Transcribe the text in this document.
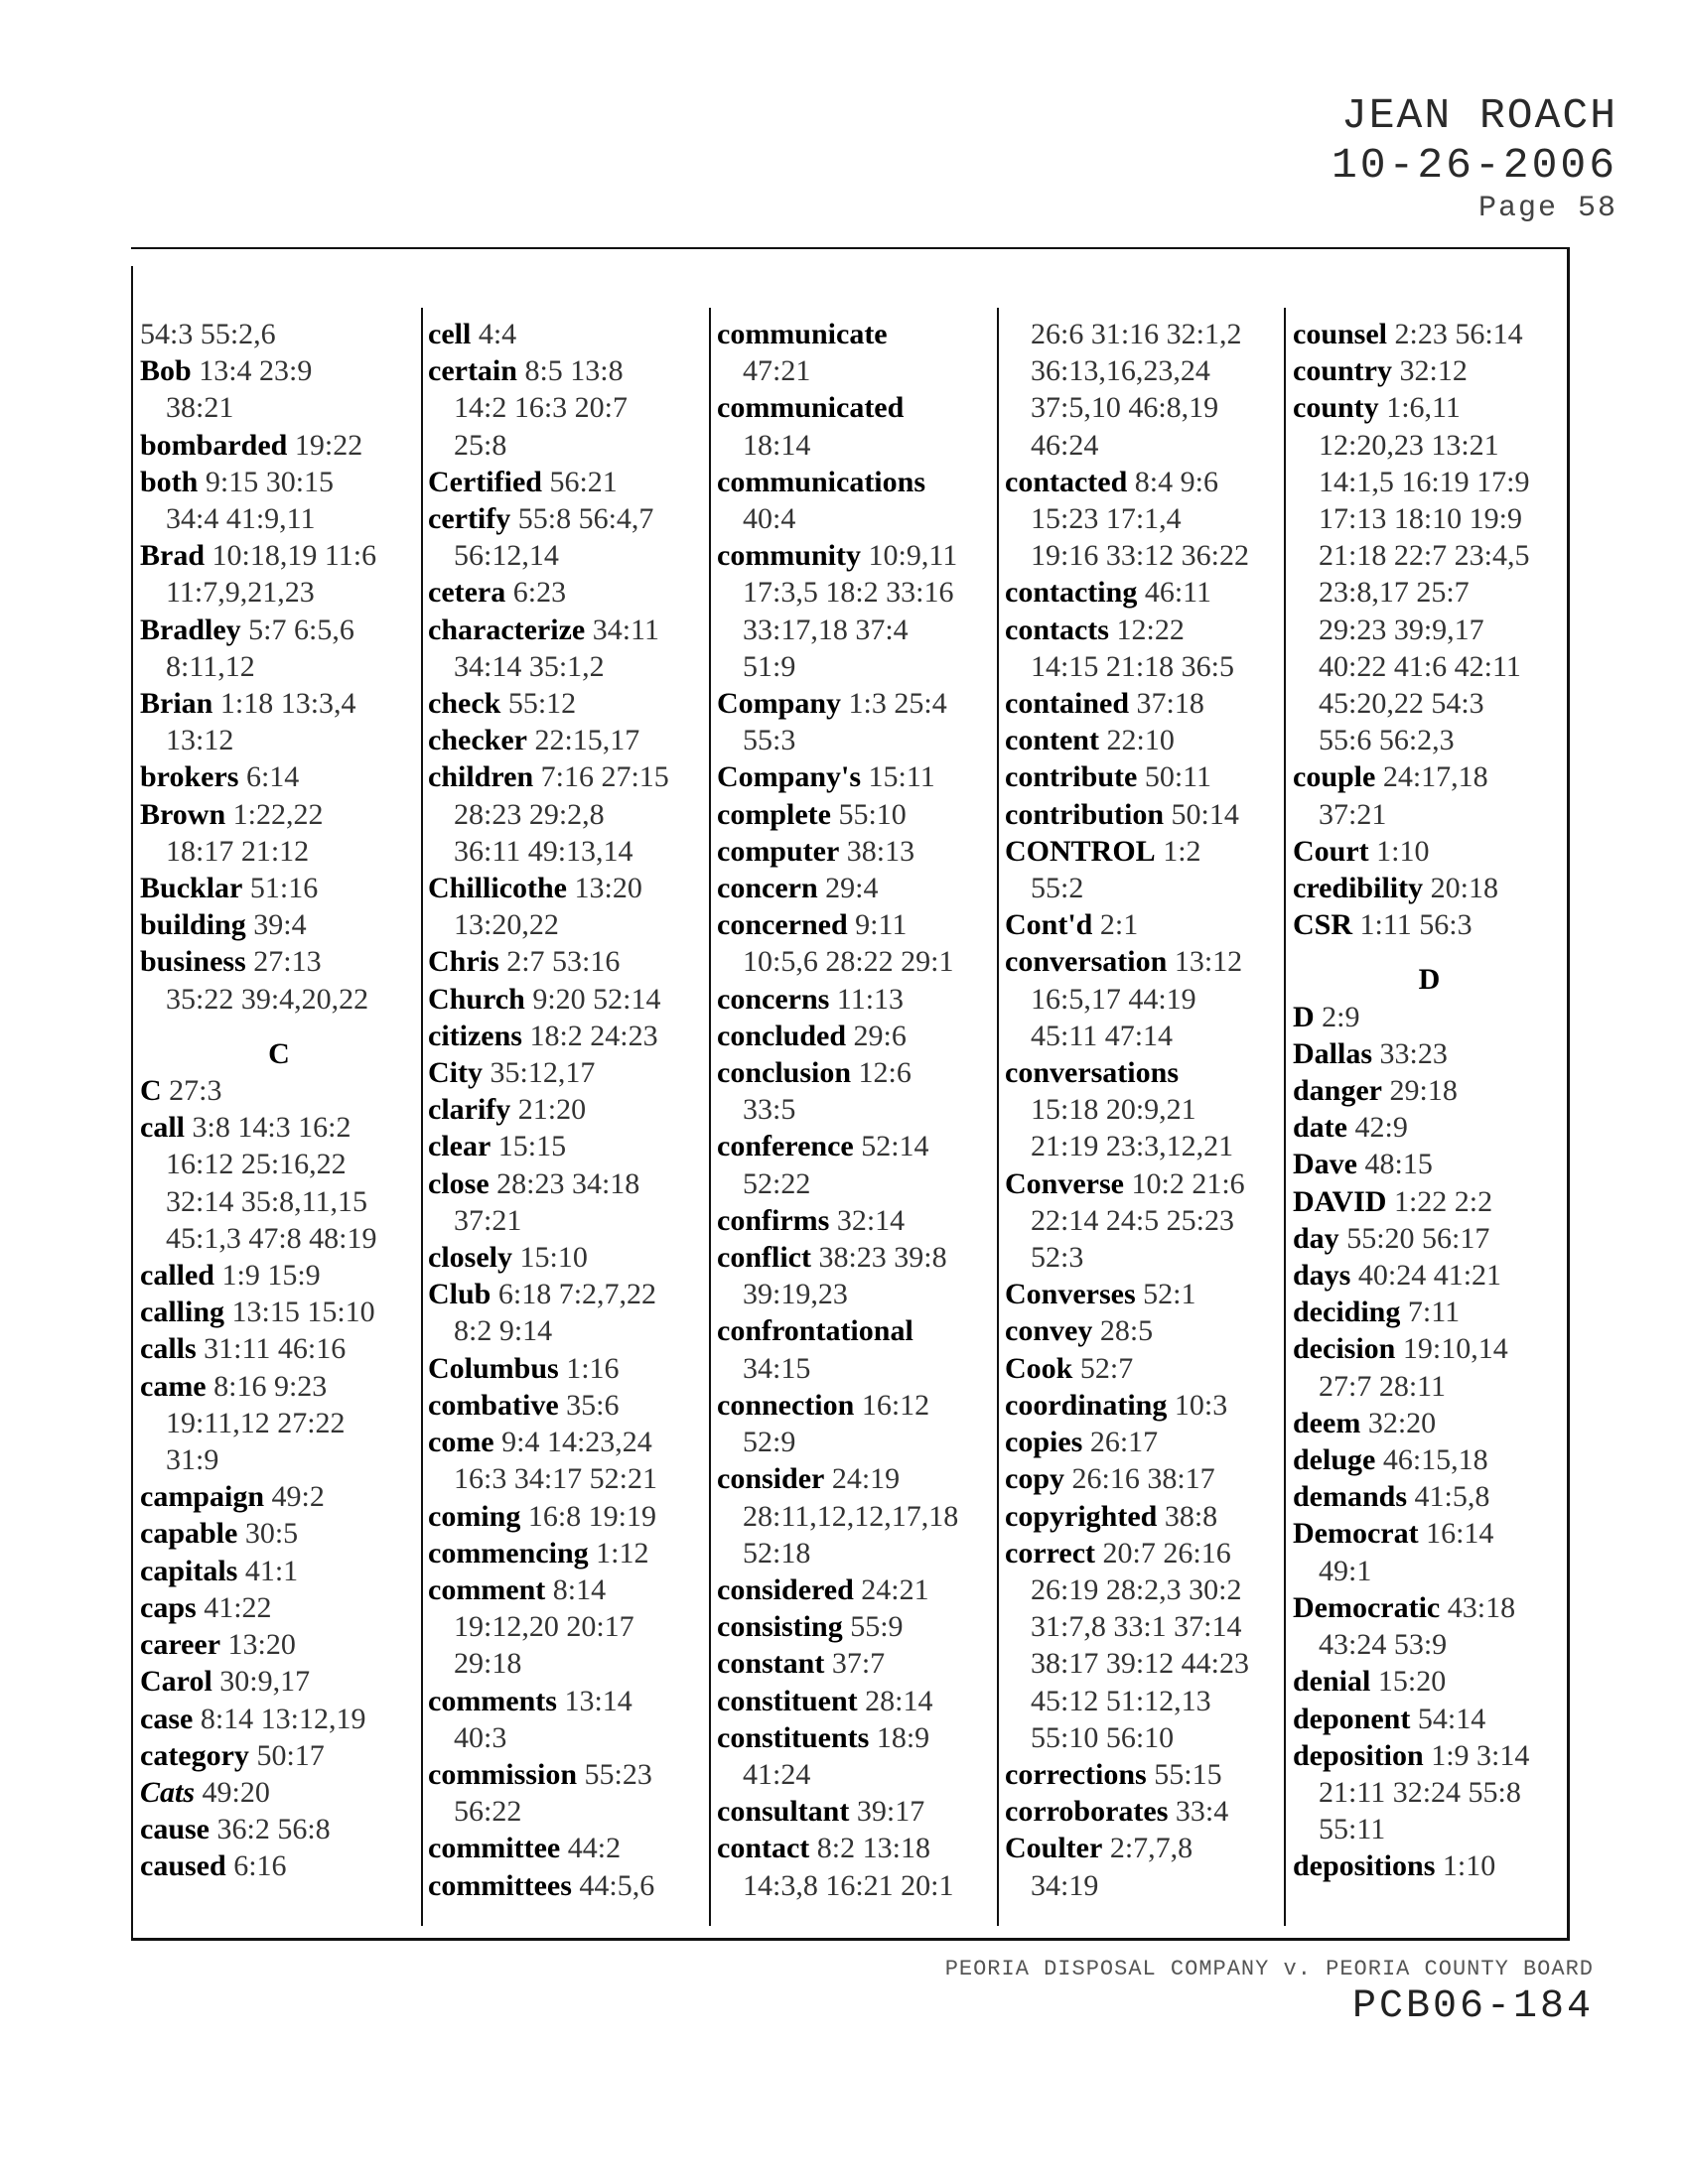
JEAN ROACH
10-26-2006
Page 58
54:3 55:2,6
Bob 13:4 23:9
38:21
bombarded 19:22
both 9:15 30:15
34:4 41:9,11
Brad 10:18,19 11:6
11:7,9,21,23
Bradley 5:7 6:5,6
8:11,12
Brian 1:18 13:3,4
13:12
brokers 6:14
Brown 1:22,22
18:17 21:12
Bucklar 51:16
building 39:4
business 27:13
35:22 39:4,20,22
C
C 27:3
call 3:8 14:3 16:2
16:12 25:16,22
32:14 35:8,11,15
45:1,3 47:8 48:19
called 1:9 15:9
calling 13:15 15:10
calls 31:11 46:16
came 8:16 9:23
19:11,12 27:22
31:9
campaign 49:2
capable 30:5
capitals 41:1
caps 41:22
career 13:20
Carol 30:9,17
case 8:14 13:12,19
category 50:17
Cats 49:20
cause 36:2 56:8
caused 6:16
cell 4:4
certain 8:5 13:8
14:2 16:3 20:7
25:8
Certified 56:21
certify 55:8 56:4,7
56:12,14
cetera 6:23
characterize 34:11
34:14 35:1,2
check 55:12
checker 22:15,17
children 7:16 27:15
28:23 29:2,8
36:11 49:13,14
Chillicothe 13:20
13:20,22
Chris 2:7 53:16
Church 9:20 52:14
citizens 18:2 24:23
City 35:12,17
clarify 21:20
clear 15:15
close 28:23 34:18
37:21
closely 15:10
Club 6:18 7:2,7,22
8:2 9:14
Columbus 1:16
combative 35:6
come 9:4 14:23,24
16:3 34:17 52:21
coming 16:8 19:19
commencing 1:12
comment 8:14
19:12,20 20:17
29:18
comments 13:14
40:3
commission 55:23
56:22
committee 44:2
committees 44:5,6
communicate
47:21
communicated
18:14
communications
40:4
community 10:9,11
17:3,5 18:2 33:16
33:17,18 37:4
51:9
Company 1:3 25:4
55:3
Company's 15:11
complete 55:10
computer 38:13
concern 29:4
concerned 9:11
10:5,6 28:22 29:1
concerns 11:13
concluded 29:6
conclusion 12:6
33:5
conference 52:14
52:22
confirms 32:14
conflict 38:23 39:8
39:19,23
confrontational
34:15
connection 16:12
52:9
consider 24:19
28:11,12,12,17,18
52:18
considered 24:21
consisting 55:9
constant 37:7
constituent 28:14
constituents 18:9
41:24
consultant 39:17
contact 8:2 13:18
14:3,8 16:21 20:1
26:6 31:16 32:1,2
36:13,16,23,24
37:5,10 46:8,19
46:24
contacted 8:4 9:6
15:23 17:1,4
19:16 33:12 36:22
contacting 46:11
contacts 12:22
14:15 21:18 36:5
contained 37:18
content 22:10
contribute 50:11
contribution 50:14
CONTROL 1:2
55:2
Cont'd 2:1
conversation 13:12
16:5,17 44:19
45:11 47:14
conversations
15:18 20:9,21
21:19 23:3,12,21
Converse 10:2 21:6
22:14 24:5 25:23
52:3
Converses 52:1
convey 28:5
Cook 52:7
coordinating 10:3
copies 26:17
copy 26:16 38:17
copyrighted 38:8
correct 20:7 26:16
26:19 28:2,3 30:2
31:7,8 33:1 37:14
38:17 39:12 44:23
45:12 51:12,13
55:10 56:10
corrections 55:15
corroborates 33:4
Coulter 2:7,7,8
34:19
counsel 2:23 56:14
country 32:12
county 1:6,11
12:20,23 13:21
14:1,5 16:19 17:9
17:13 18:10 19:9
21:18 22:7 23:4,5
23:8,17 25:7
29:23 39:9,17
40:22 41:6 42:11
45:20,22 54:3
55:6 56:2,3
couple 24:17,18
37:21
Court 1:10
credibility 20:18
CSR 1:11 56:3
D
D 2:9
Dallas 33:23
danger 29:18
date 42:9
Dave 48:15
DAVID 1:22 2:2
day 55:20 56:17
days 40:24 41:21
deciding 7:11
decision 19:10,14
27:7 28:11
deem 32:20
deluge 46:15,18
demands 41:5,8
Democrat 16:14
49:1
Democratic 43:18
43:24 53:9
denial 15:20
deponent 54:14
deposition 1:9 3:14
21:11 32:24 55:8
55:11
depositions 1:10
PEORIA DISPOSAL COMPANY v. PEORIA COUNTY BOARD
PCB06-184
